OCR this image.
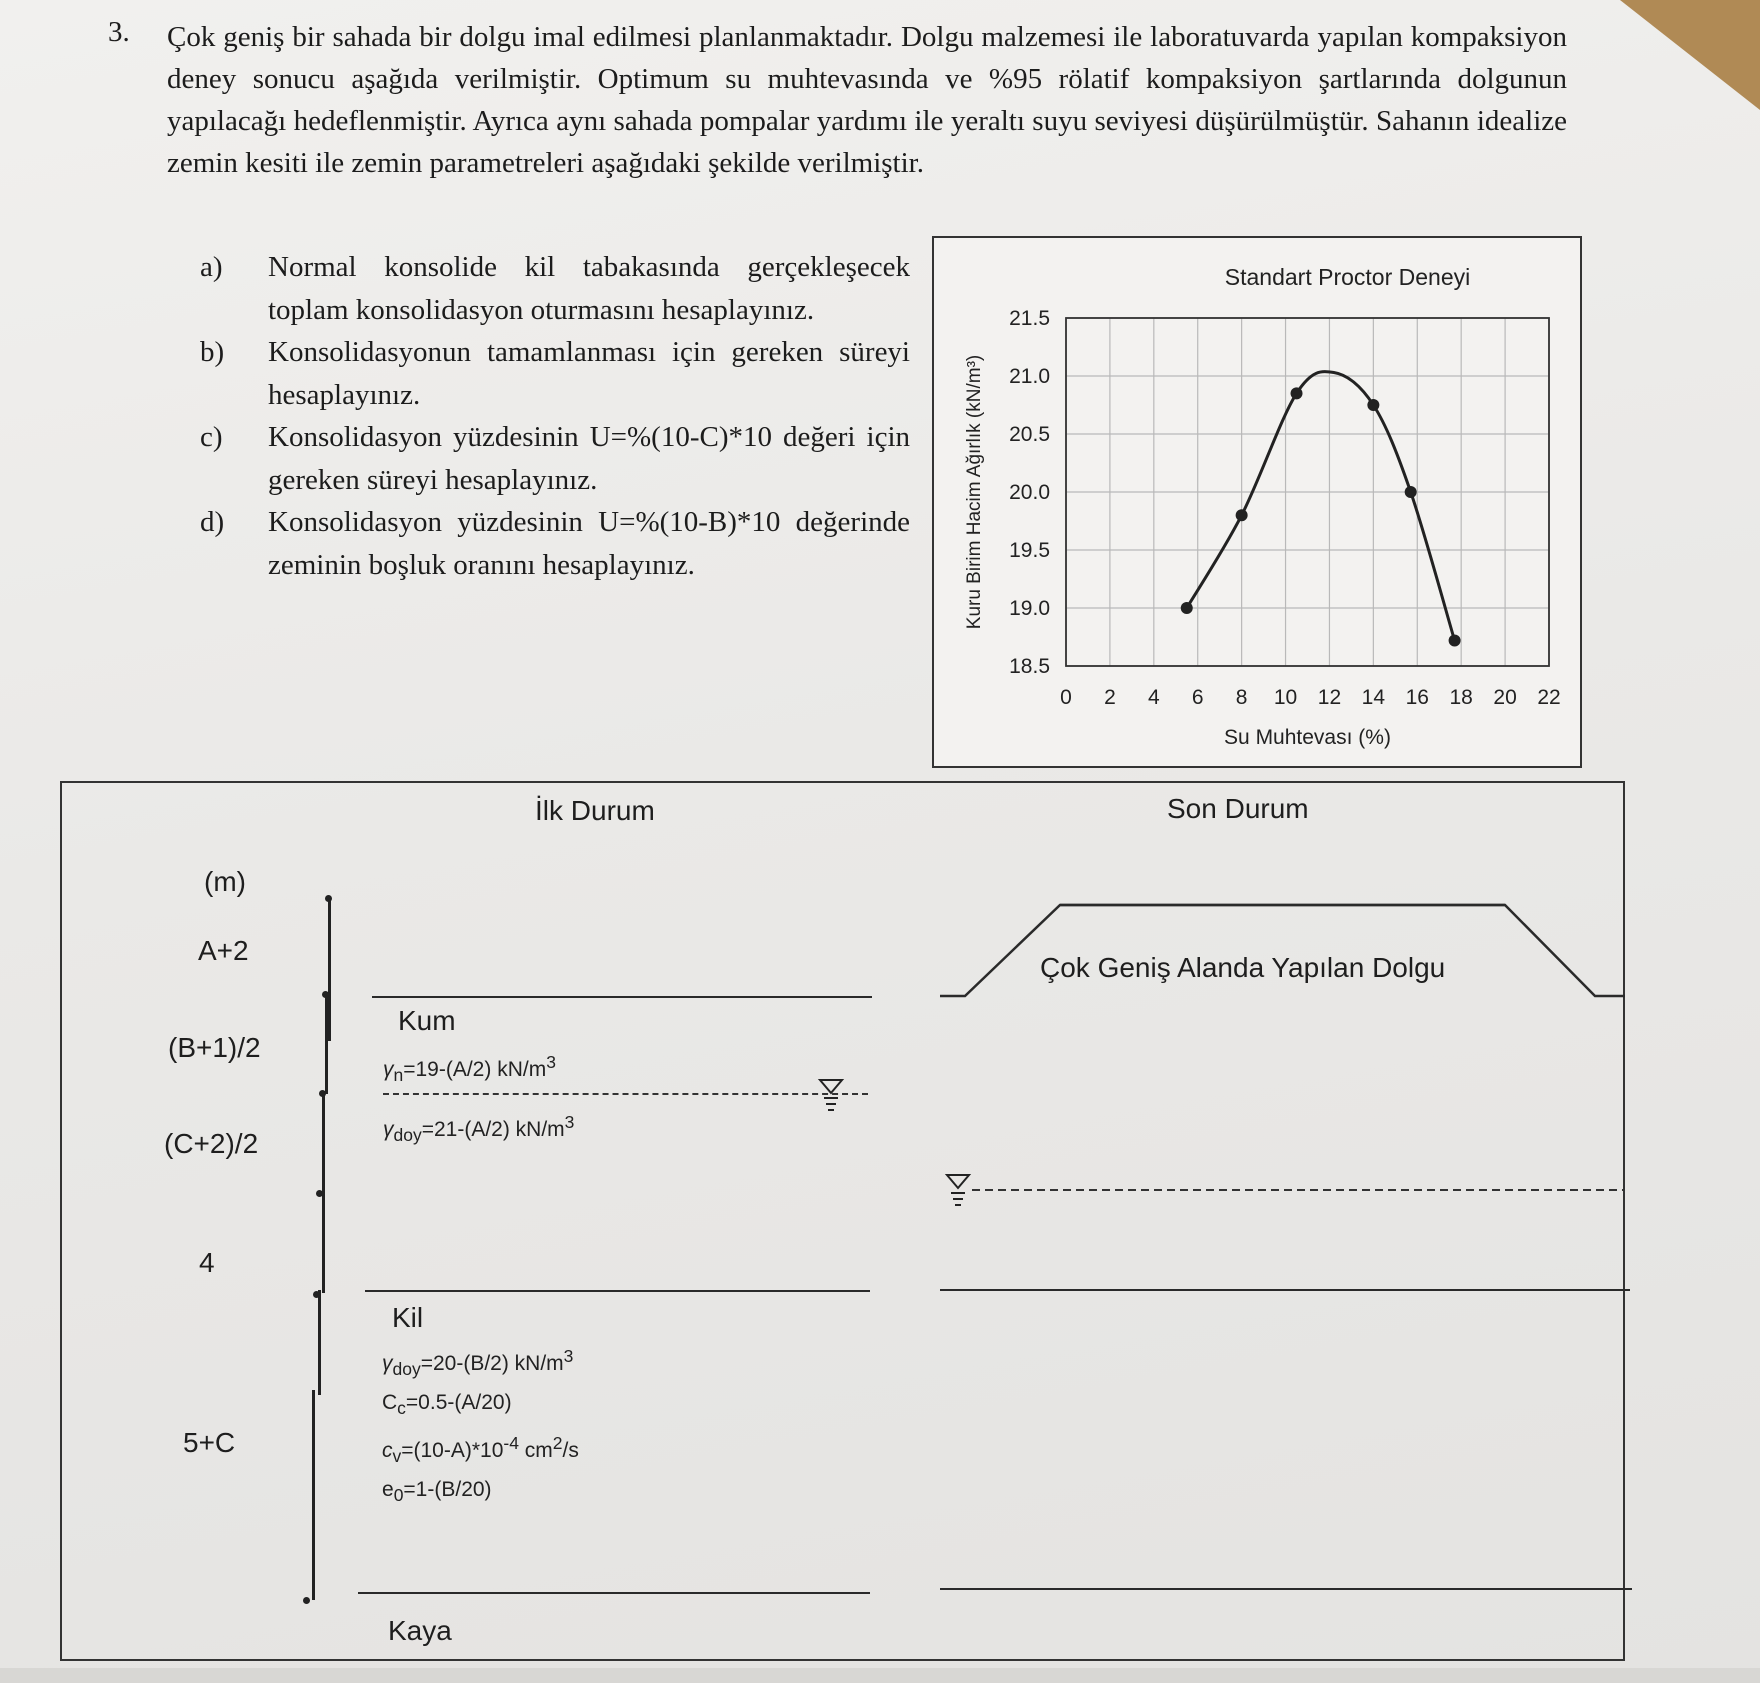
3. Çok geniş bir sahada bir dolgu imal edilmesi planlanmaktadır. Dolgu malzemesi ile laboratuvarda yapılan kompaksiyon deney sonucu aşağıda verilmiştir. Optimum su muhtevasında ve %95 rölatif kompaksiyon şartlarında dolgunun yapılacağı hedeflenmiştir. Ayrıca aynı sahada pompalar yardımı ile yeraltı suyu seviyesi düşürülmüştür. Sahanın idealize zemin kesiti ile zemin parametreleri aşağıdaki şekilde verilmiştir.

a)	Normal konsolide kil tabakasında gerçekleşecek toplam konsolidasyon oturmasını hesaplayınız.
b)	Konsolidasyonun tamamlanması için gereken süreyi hesaplayınız.
c)	Konsolidasyon yüzdesinin U=%(10-C)*10 değeri için gereken süreyi hesaplayınız.
d)	Konsolidasyon yüzdesinin U=%(10-B)*10 değerinde zeminin boşluk oranını hesaplayınız.
0 2 4 6 8 10 12 14 16 18 20 22
18.5
19.0
19.5
20.0
20.5
21.0
21.5
Standart Proctor Deneyi
Su Muhtevası (%)
Kuru Birim Hacim Ağırlık (kN/m³)
İlk Durum	Son Durum
(m)
A+2
(B+1)/2
(C+2)/2
4
5+C
Kum
$\gamma_n=19-(A/2)$ $kN/m^3$
$\gamma_{doy}=21-(A/2)$ $kN/m^3$
Kil
$\gamma_{doy}=20-(B/2)$ $kN/m^3$
$C_c=0.5-(A/20)$
$c_v=(10-A)*10^{-4}$ $cm^2/s$
$e_0=1-(B/20)$
Kaya
Çok Geniş Alanda Yapılan Dolgu
